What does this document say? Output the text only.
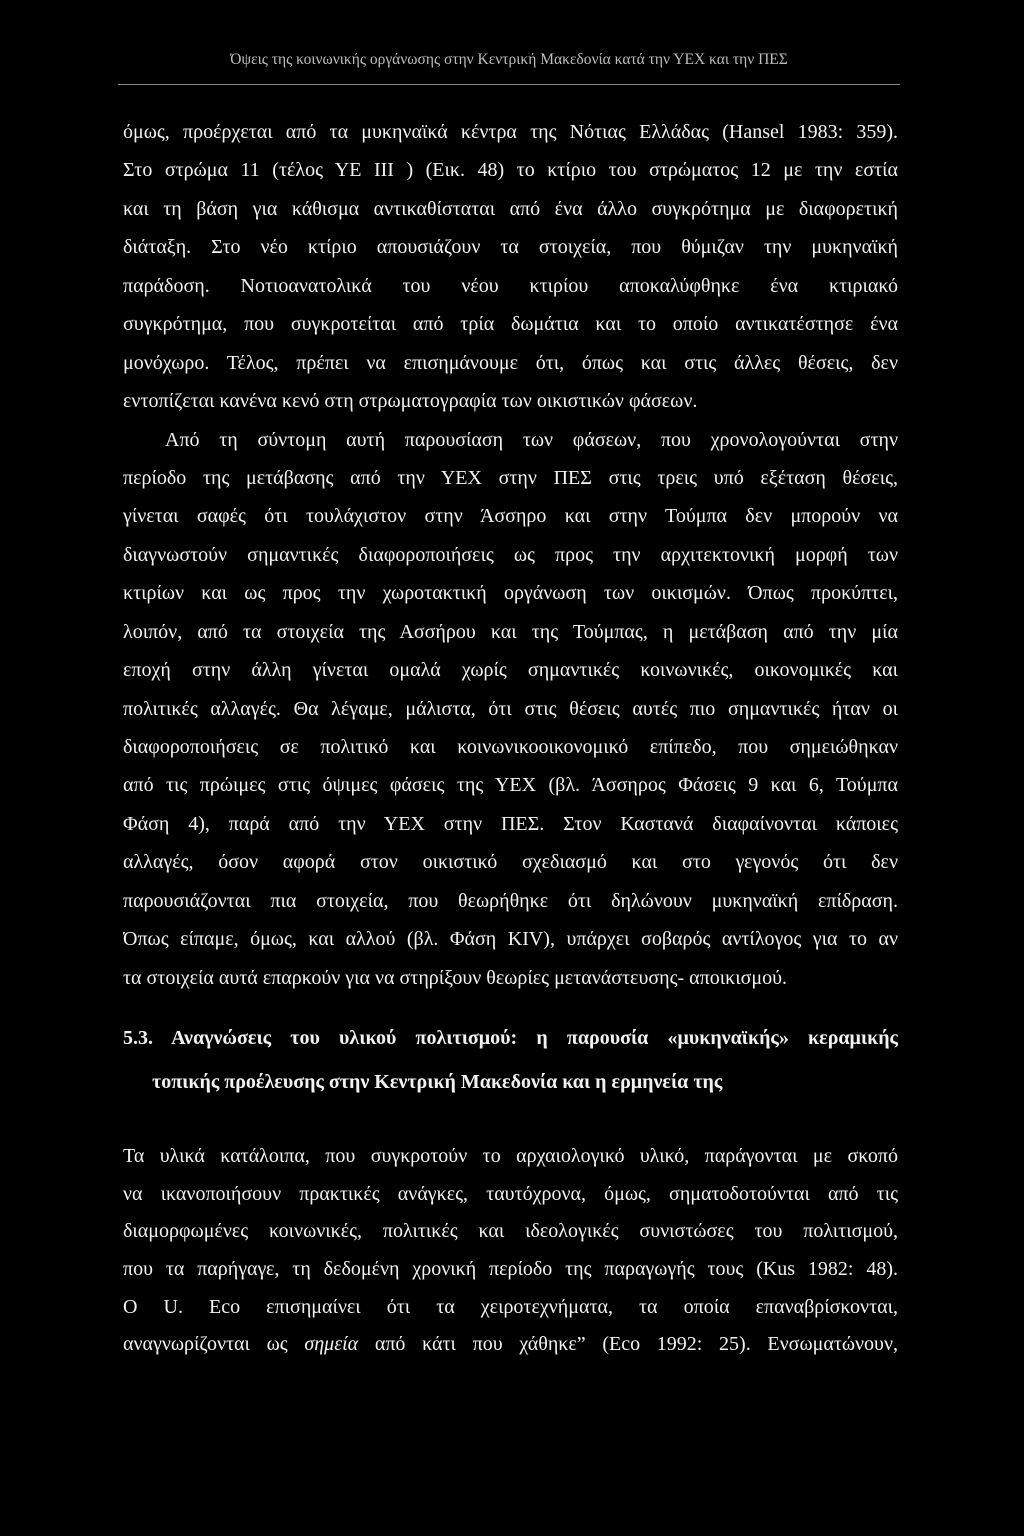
Όψεις της κοινωνικής οργάνωσης στην Κεντρική Μακεδονία κατά την ΥΕΧ και την ΠΕΣ
όμως, προέρχεται από τα μυκηναϊκά κέντρα της Νότιας Ελλάδας (Hansel 1983: 359).
Στο στρώμα 11 (τέλος ΥΕ ΙΙΙ ) (Εικ. 48) το κτίριο του στρώματος 12 με την εστία
και τη βάση για κάθισμα αντικαθίσταται από ένα άλλο συγκρότημα με διαφορετική
διάταξη. Στο νέο κτίριο απουσιάζουν τα στοιχεία, που θύμιζαν την μυκηναϊκή
παράδοση. Νοτιοανατολικά του νέου κτιρίου αποκαλύφθηκε ένα κτιριακό
συγκρότημα, που συγκροτείται από τρία δωμάτια και το οποίο αντικατέστησε ένα
μονόχωρο. Τέλος, πρέπει να επισημάνουμε ότι, όπως και στις άλλες θέσεις, δεν
εντοπίζεται κανένα κενό στη στρωματογραφία των οικιστικών φάσεων.
Από τη σύντομη αυτή παρουσίαση των φάσεων, που χρονολογούνται στην
περίοδο της μετάβασης από την ΥΕΧ στην ΠΕΣ στις τρεις υπό εξέταση θέσεις,
γίνεται σαφές ότι τουλάχιστον στην Άσσηρο και στην Τούμπα δεν μπορούν να
διαγνωστούν σημαντικές διαφοροποιήσεις ως προς την αρχιτεκτονική μορφή των
κτιρίων και ως προς την χωροτακτική οργάνωση των οικισμών. Όπως προκύπτει,
λοιπόν, από τα στοιχεία της Ασσήρου και της Τούμπας, η μετάβαση από την μία
εποχή στην άλλη γίνεται ομαλά χωρίς σημαντικές κοινωνικές, οικονομικές και
πολιτικές αλλαγές. Θα λέγαμε, μάλιστα, ότι στις θέσεις αυτές πιο σημαντικές ήταν οι
διαφοροποιήσεις σε πολιτικό και κοινωνικοοικονομικό επίπεδο, που σημειώθηκαν
από τις πρώιμες στις όψιμες φάσεις της ΥΕΧ (βλ. Άσσηρος Φάσεις 9 και 6, Τούμπα
Φάση 4), παρά από την ΥΕΧ στην ΠΕΣ. Στον Καστανά διαφαίνονται κάποιες
αλλαγές, όσον αφορά στον οικιστικό σχεδιασμό και στο γεγονός ότι δεν
παρουσιάζονται πια στοιχεία, που θεωρήθηκε ότι δηλώνουν μυκηναϊκή επίδραση.
Όπως είπαμε, όμως, και αλλού (βλ. Φάση ΚΙV), υπάρχει σοβαρός αντίλογος για το αν
τα στοιχεία αυτά επαρκούν για να στηρίξουν θεωρίες μετανάστευσης- αποικισμού.
5.3. Αναγνώσεις του υλικού πολιτισμού: η παρουσία «μυκηναϊκής» κεραμικής
τοπικής προέλευσης στην Κεντρική Μακεδονία και η ερμηνεία της
Τα υλικά κατάλοιπα, που συγκροτούν το αρχαιολογικό υλικό, παράγονται με σκοπό
να ικανοποιήσουν πρακτικές ανάγκες, ταυτόχρονα, όμως, σηματοδοτούνται από τις
διαμορφωμένες κοινωνικές, πολιτικές και ιδεολογικές συνιστώσες του πολιτισμού,
που τα παρήγαγε, τη δεδομένη χρονική περίοδο της παραγωγής τους (Kus 1982: 48).
Ο U. Eco επισημαίνει ότι τα χειροτεχνήματα, τα οποία επαναβρίσκονται,
αναγνωρίζονται ως σημεία από κάτι που χάθηκε” (Eco 1992: 25). Ενσωματώνουν,
